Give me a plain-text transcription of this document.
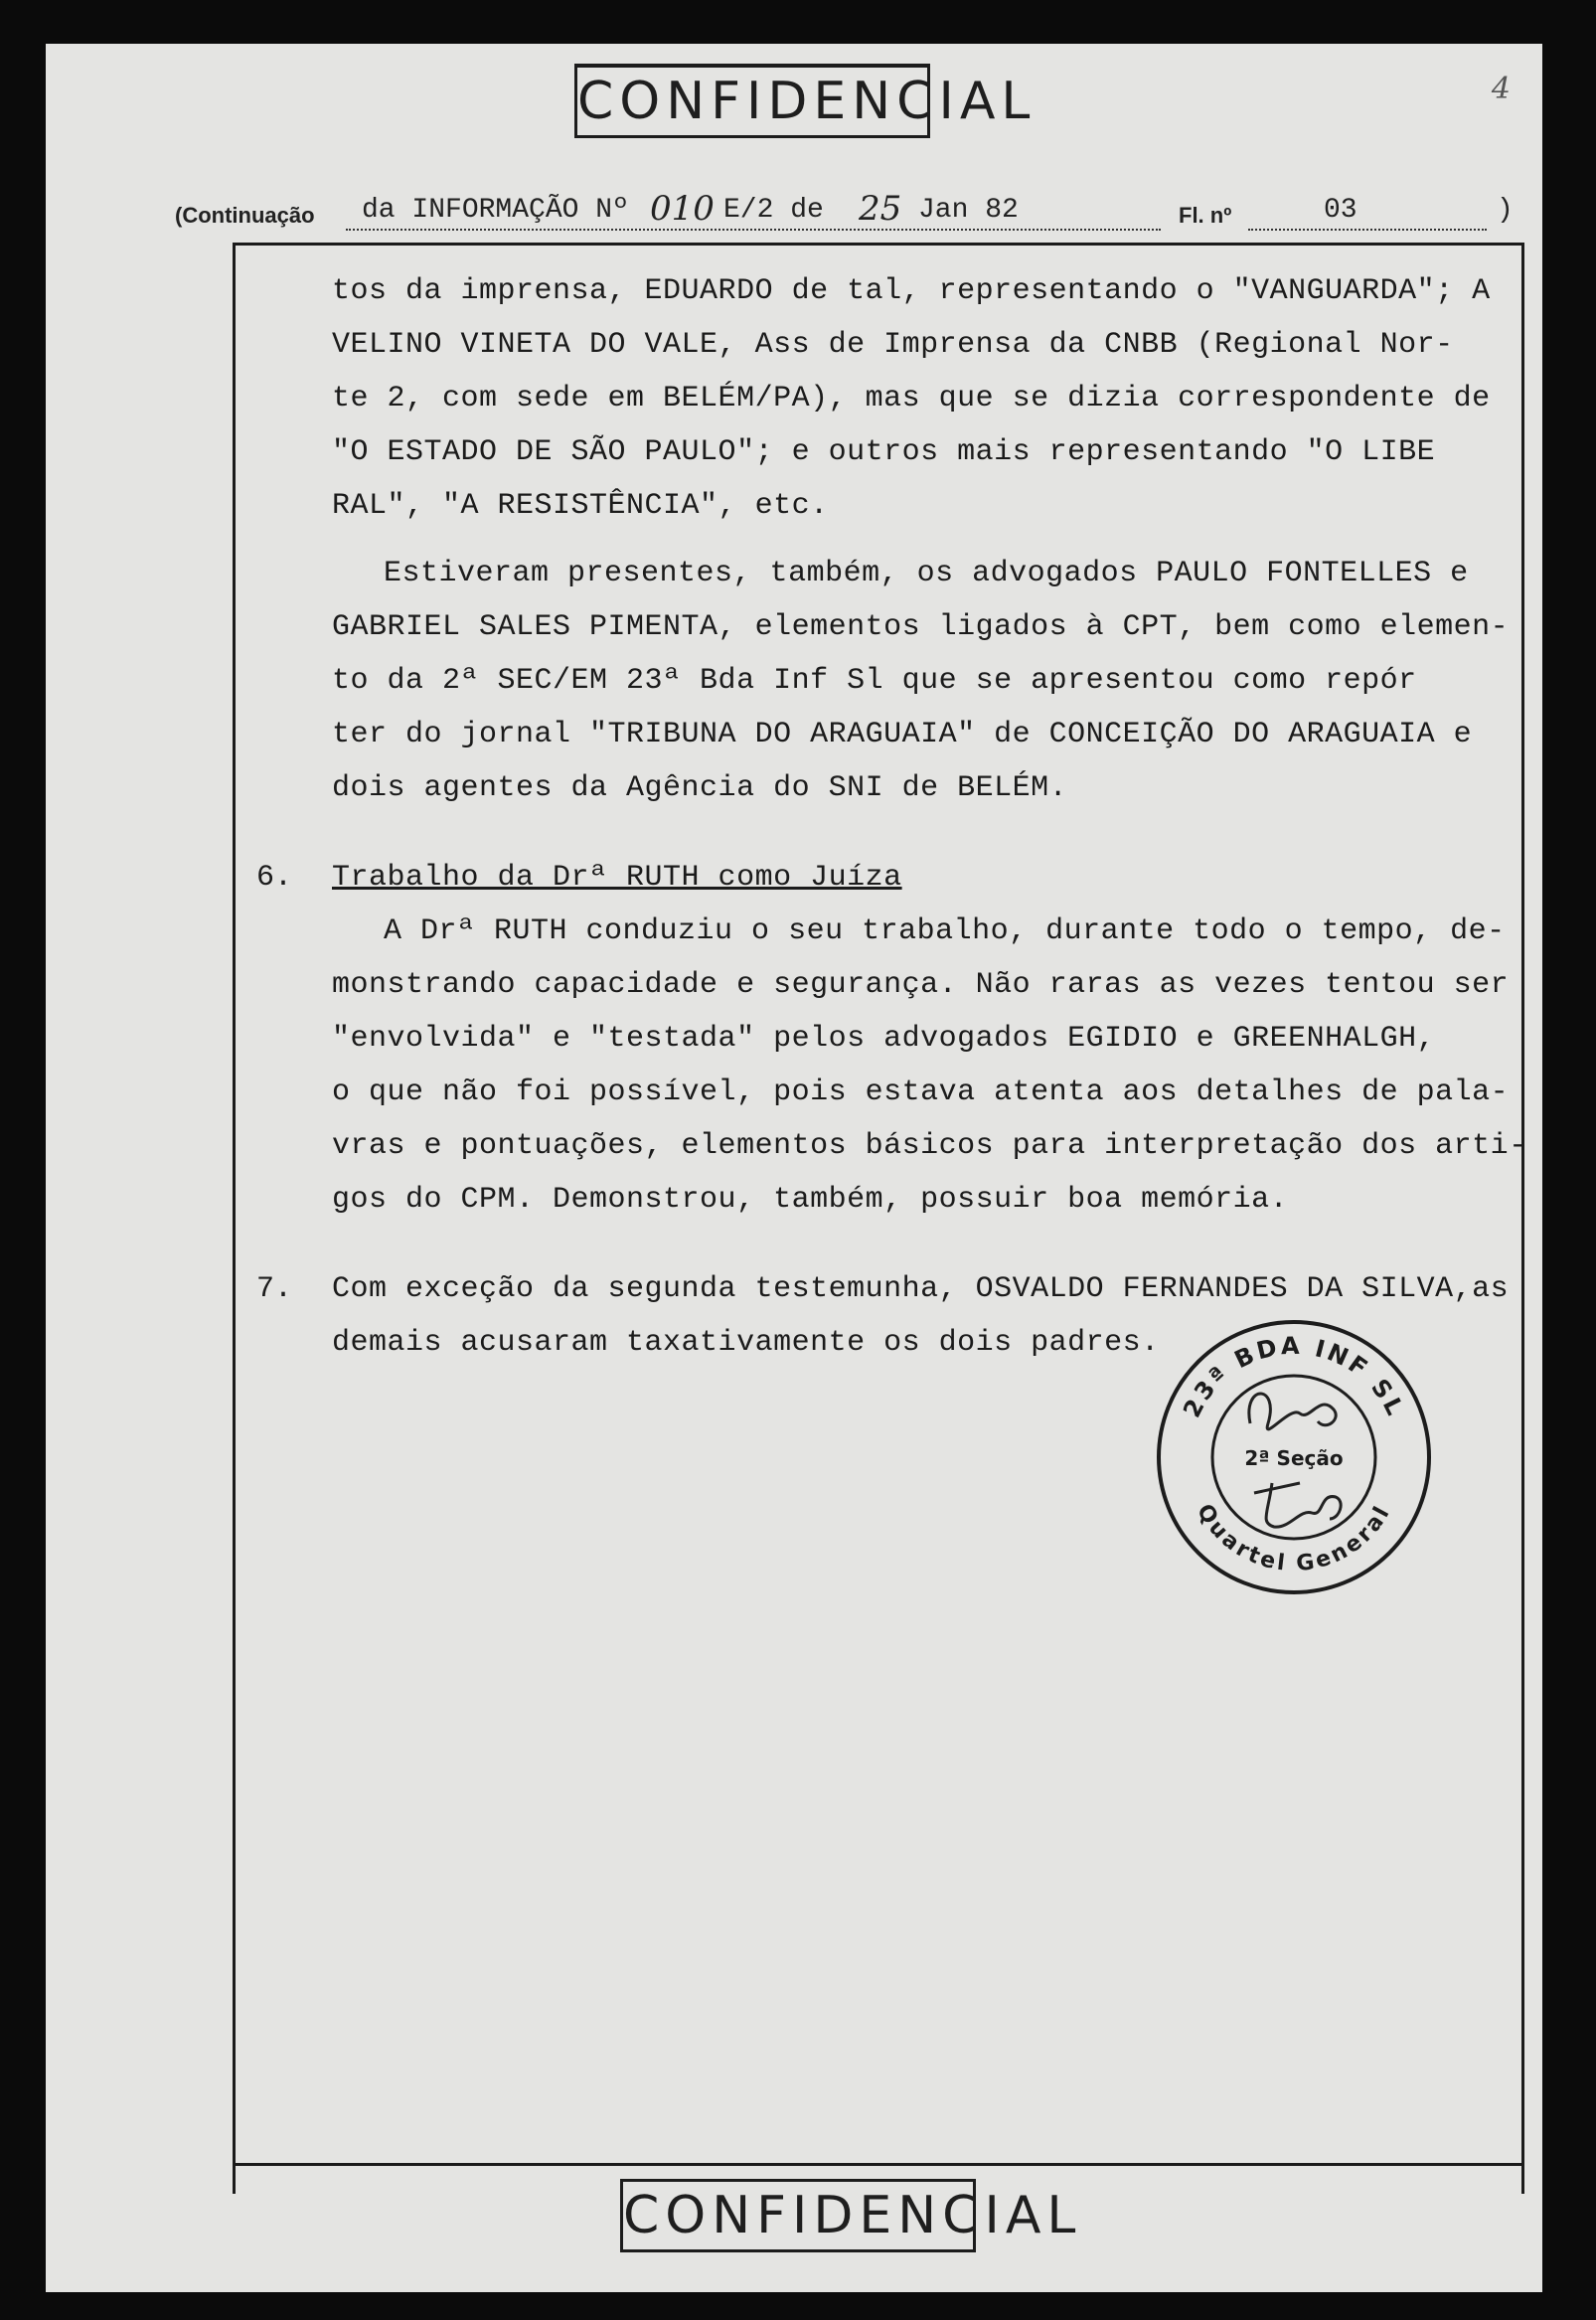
CONFIDENCIAL	4
(Continuação da INFORMAÇÃO Nº 010 E/2 de 25 Jan 82	Fl. nº	03	)
tos da imprensa, EDUARDO de tal, representando o "VANGUARDA"; A
VELINO VINETA DO VALE, Ass de Imprensa da CNBB (Regional Nor-
te 2, com sede em BELÉM/PA), mas que se dizia correspondente de
"O ESTADO DE SÃO PAULO"; e outros mais representando "O LIBE
RAL", "A RESISTÊNCIA", etc.
Estiveram presentes, também, os advogados PAULO FONTELLES e
GABRIEL SALES PIMENTA, elementos ligados à CPT, bem como elemen-
to da 2ª SEC/EM 23ª Bda Inf Sl que se apresentou como repór
ter do jornal "TRIBUNA DO ARAGUAIA" de CONCEIÇÃO DO ARAGUAIA e
dois agentes da Agência do SNI de BELÉM.
6. Trabalho da Drª RUTH como Juíza
A Drª RUTH conduziu o seu trabalho, durante todo o tempo, de-
monstrando capacidade e segurança. Não raras as vezes tentou ser
"envolvida" e "testada" pelos advogados EGIDIO e GREENHALGH,
o que não foi possível, pois estava atenta aos detalhes de pala-
vras e pontuações, elementos básicos para interpretação dos arti-
gos do CPM. Demonstrou, também, possuir boa memória.
7. Com exceção da segunda testemunha, OSVALDO FERNANDES DA SILVA,as
demais acusaram taxativamente os dois padres.
23ª BDA INF SL
Quartel General
2ª Seção
CONFIDENCIAL
